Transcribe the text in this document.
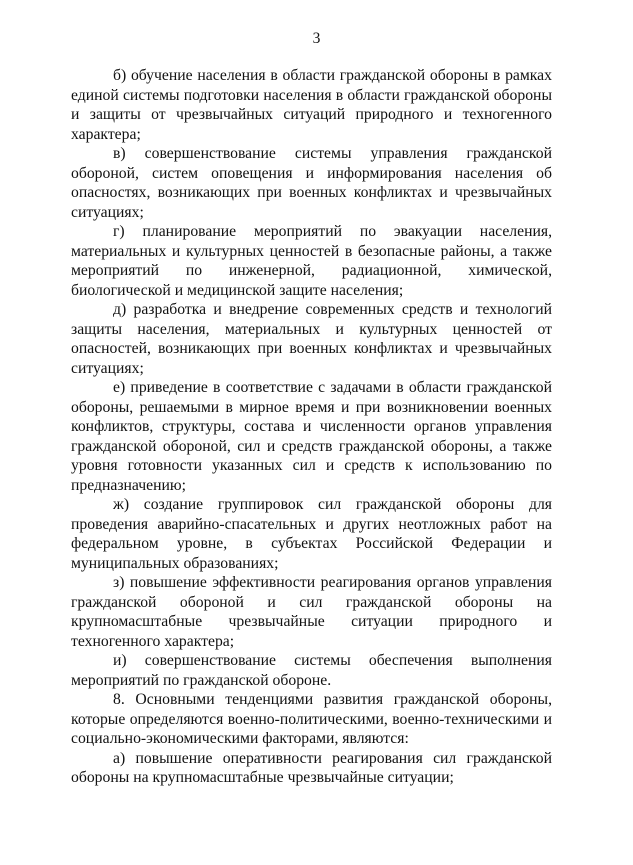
3

б) обучение населения в области гражданской обороны в рамках единой системы подготовки населения в области гражданской обороны и защиты от чрезвычайных ситуаций природного и техногенного характера;

в) совершенствование системы управления гражданской обороной, систем оповещения и информирования населения об опасностях, возникающих при военных конфликтах и чрезвычайных ситуациях;

г) планирование мероприятий по эвакуации населения, материальных и культурных ценностей в безопасные районы, а также мероприятий по инженерной, радиационной, химической, биологической и медицинской защите населения;

д) разработка и внедрение современных средств и технологий защиты населения, материальных и культурных ценностей от опасностей, возникающих при военных конфликтах и чрезвычайных ситуациях;

е) приведение в соответствие с задачами в области гражданской обороны, решаемыми в мирное время и при возникновении военных конфликтов, структуры, состава и численности органов управления гражданской обороной, сил и средств гражданской обороны, а также уровня готовности указанных сил и средств к использованию по предназначению;

ж) создание группировок сил гражданской обороны для проведения аварийно-спасательных и других неотложных работ на федеральном уровне, в субъектах Российской Федерации и муниципальных образованиях;

з) повышение эффективности реагирования органов управления гражданской обороной и сил гражданской обороны на крупномасштабные чрезвычайные ситуации природного и техногенного характера;

и) совершенствование системы обеспечения выполнения мероприятий по гражданской обороне.

8. Основными тенденциями развития гражданской обороны, которые определяются военно-политическими, военно-техническими и социально-экономическими факторами, являются:

а) повышение оперативности реагирования сил гражданской обороны на крупномасштабные чрезвычайные ситуации;
